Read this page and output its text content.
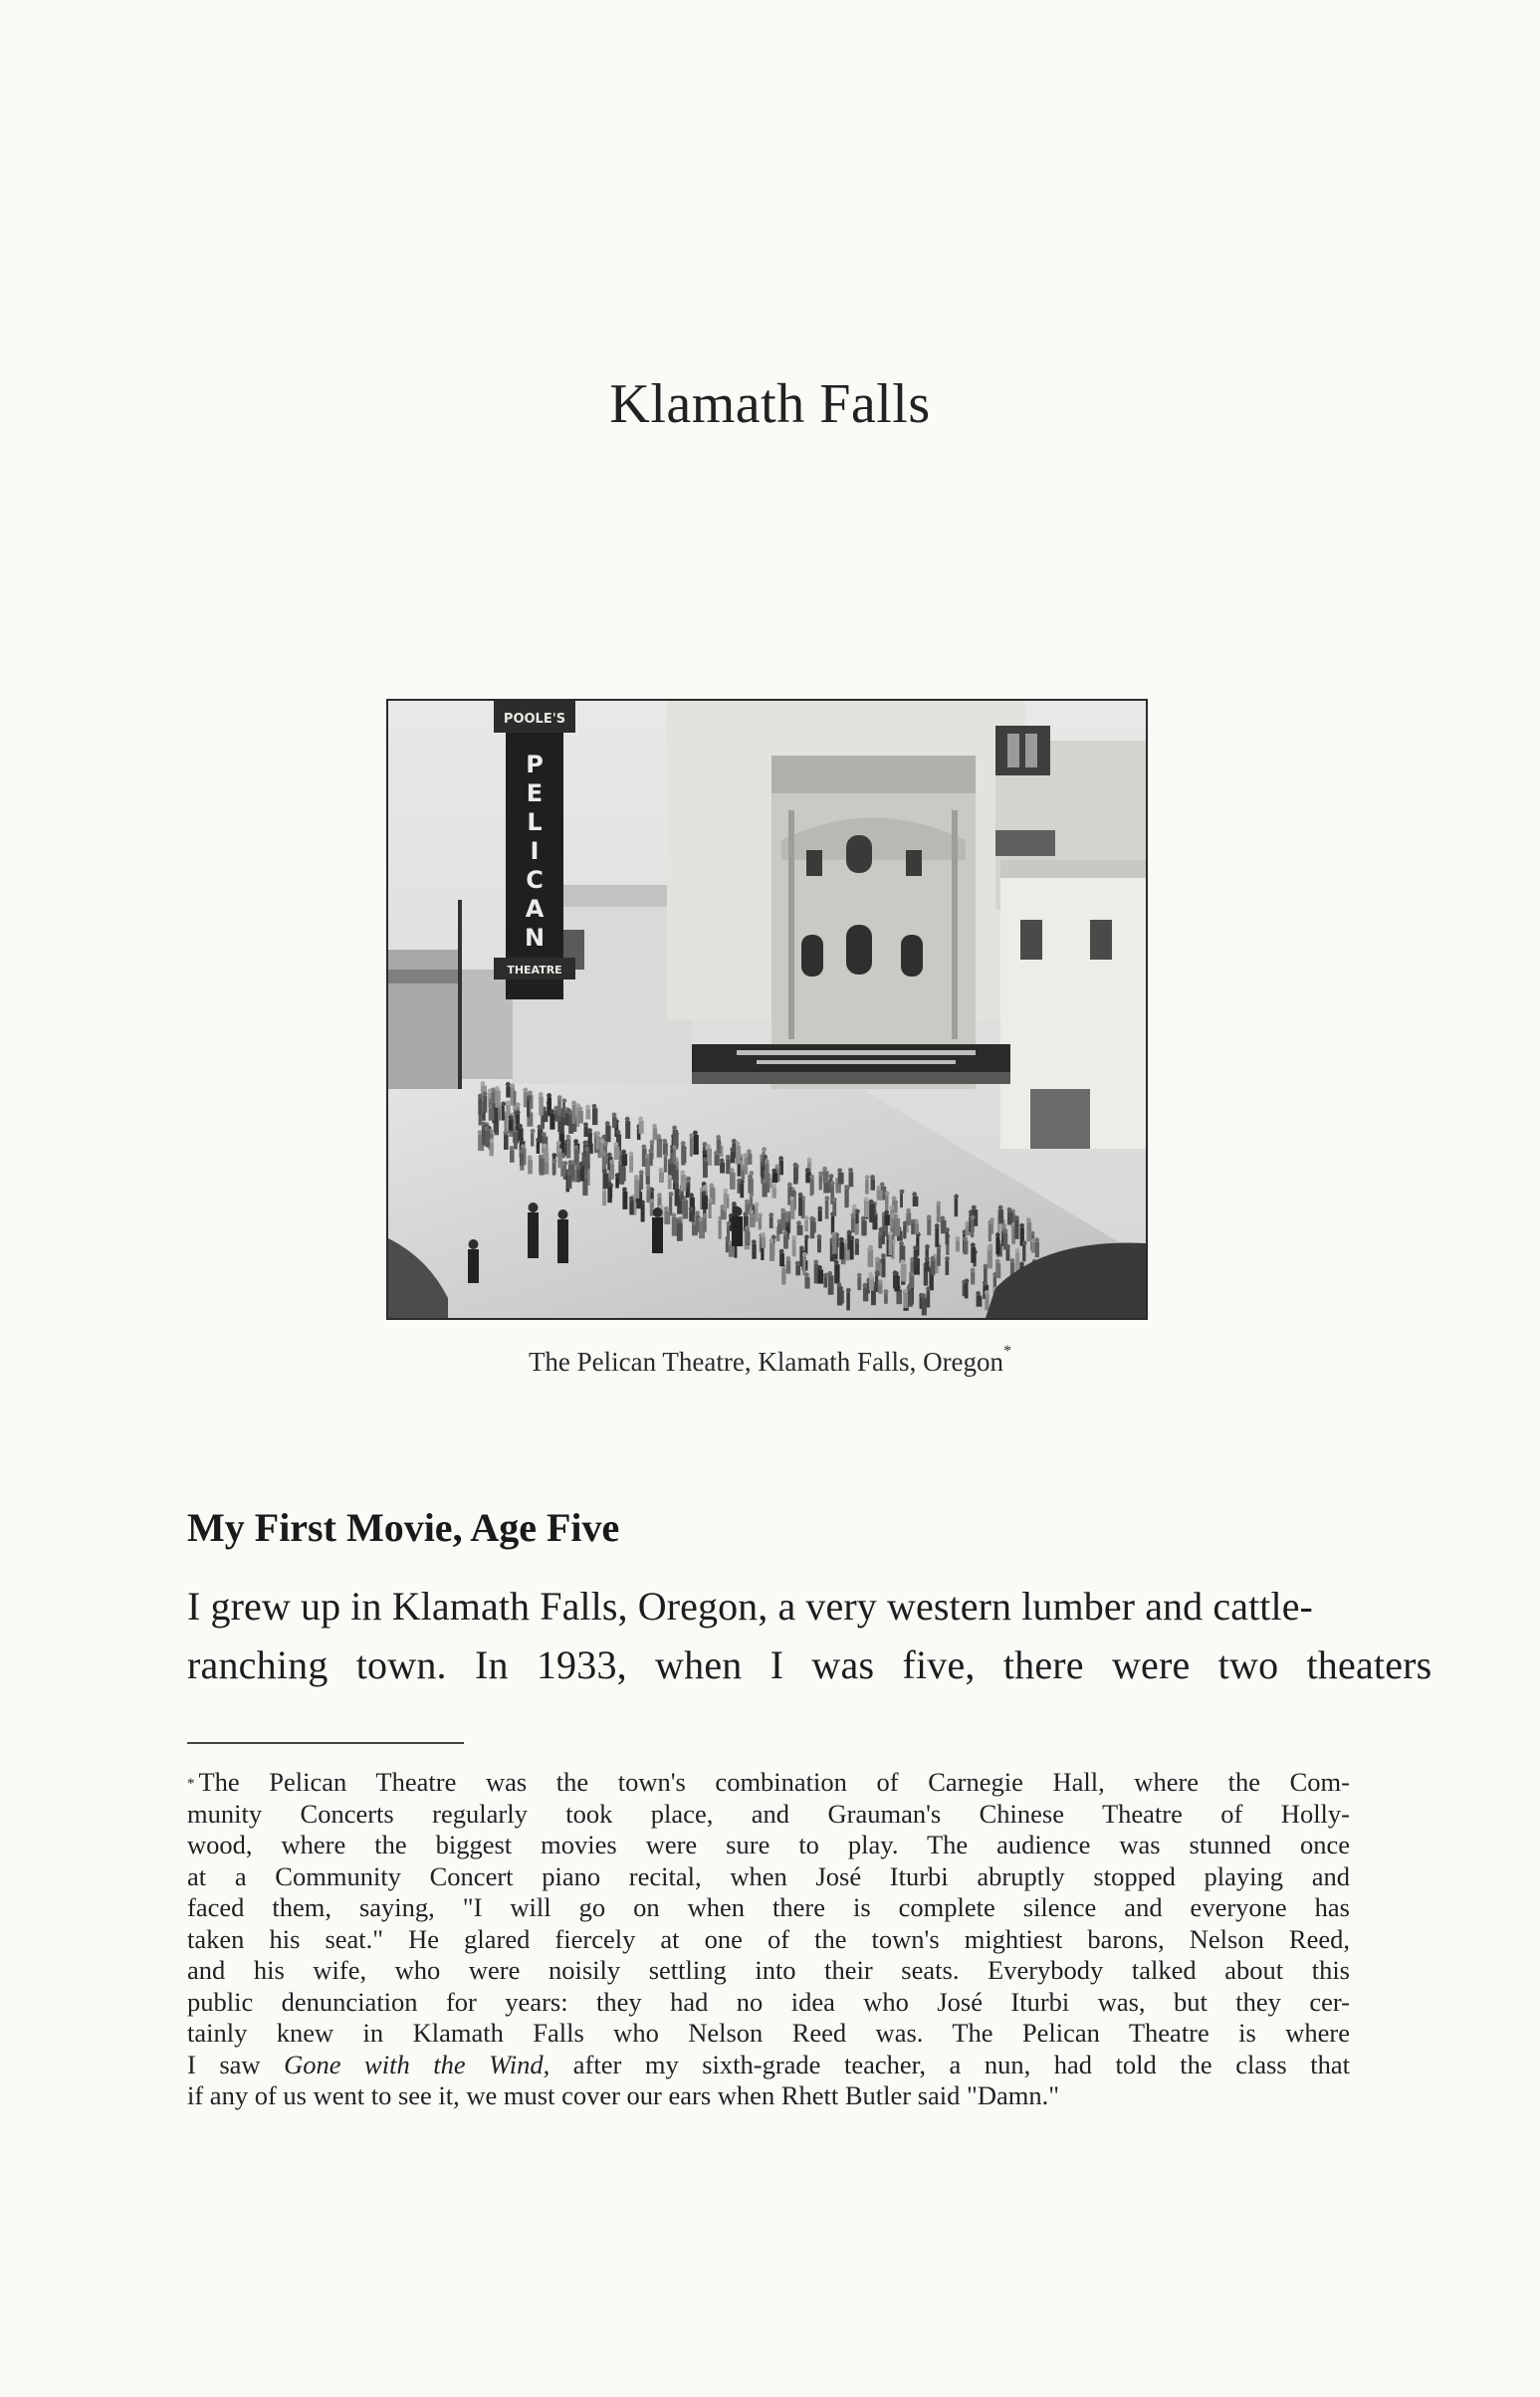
Klamath Falls
POOLE'S
P
E
L
I
C
A
N
THEATRE
The Pelican Theatre, Klamath Falls, Oregon*
My First Movie, Age Five

I grew up in Klamath Falls, Oregon, a very western lumber and cattle-
ranching town. In 1933, when I was five, there were two theaters

* The Pelican Theatre was the town's combination of Carnegie Hall, where the Com-
munity Concerts regularly took place, and Grauman's Chinese Theatre of Holly-
wood, where the biggest movies were sure to play. The audience was stunned once
at a Community Concert piano recital, when José Iturbi abruptly stopped playing and
faced them, saying, "I will go on when there is complete silence and everyone has
taken his seat." He glared fiercely at one of the town's mightiest barons, Nelson Reed,
and his wife, who were noisily settling into their seats. Everybody talked about this
public denunciation for years: they had no idea who José Iturbi was, but they cer-
tainly knew in Klamath Falls who Nelson Reed was. The Pelican Theatre is where
I saw Gone with the Wind, after my sixth-grade teacher, a nun, had told the class that
if any of us went to see it, we must cover our ears when Rhett Butler said "Damn."
